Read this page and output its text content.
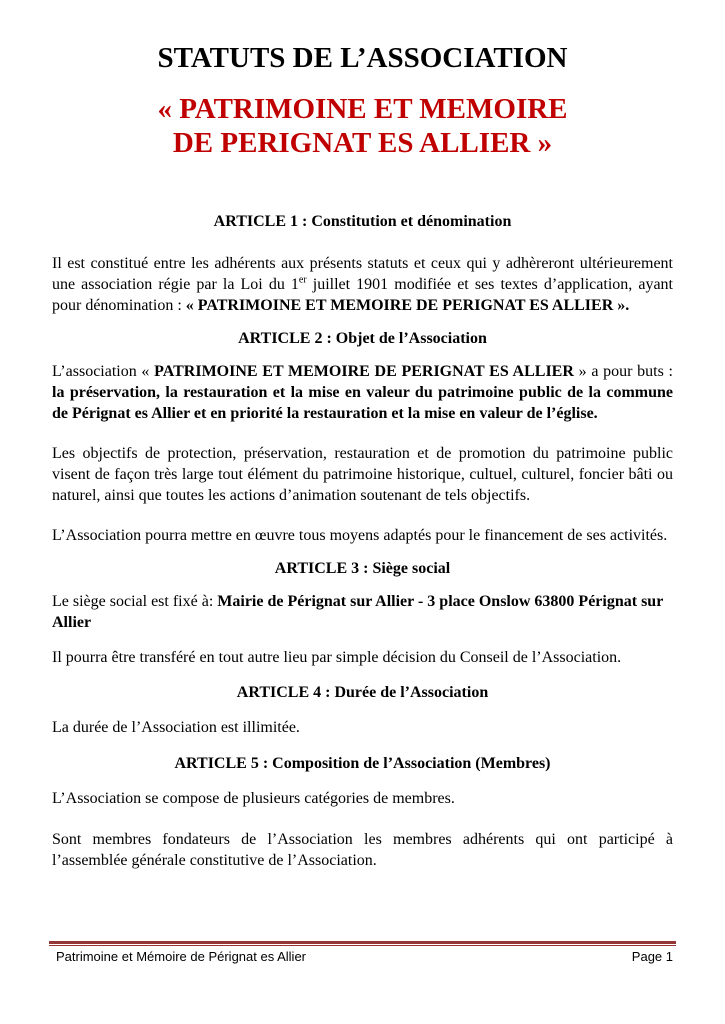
STATUTS DE L’ASSOCIATION
« PATRIMOINE ET MEMOIRE
DE PERIGNAT ES ALLIER »

ARTICLE 1 : Constitution et dénomination

Il est constitué entre les adhérents aux présents statuts et ceux qui y adhèreront ultérieurement une association régie par la Loi du 1er juillet 1901 modifiée et ses textes d’application, ayant pour dénomination : « PATRIMOINE ET MEMOIRE DE PERIGNAT ES ALLIER ».

ARTICLE 2 : Objet de l’Association

L’association « PATRIMOINE ET MEMOIRE DE PERIGNAT ES ALLIER » a pour buts : la préservation, la restauration et la mise en valeur du patrimoine public de la commune de Pérignat es Allier et en priorité la restauration et la mise en valeur de l’église.

Les objectifs de protection, préservation, restauration et de promotion du patrimoine public visent de façon très large tout élément du patrimoine historique, cultuel, culturel, foncier bâti ou naturel, ainsi que toutes les actions d’animation soutenant de tels objectifs.

L’Association pourra mettre en œuvre tous moyens adaptés pour le financement de ses activités.

ARTICLE 3 : Siège social

Le siège social est fixé à: Mairie de Pérignat sur Allier - 3 place Onslow 63800 Pérignat sur Allier

Il pourra être transféré en tout autre lieu par simple décision du Conseil de l’Association.

ARTICLE 4 : Durée de l’Association

La durée de l’Association est illimitée.

ARTICLE 5 : Composition de l’Association (Membres)

L’Association se compose de plusieurs catégories de membres.

Sont membres fondateurs de l’Association les membres adhérents qui ont participé à l’assemblée générale constitutive de l’Association.

Patrimoine et Mémoire de Pérignat es Allier	Page 1
